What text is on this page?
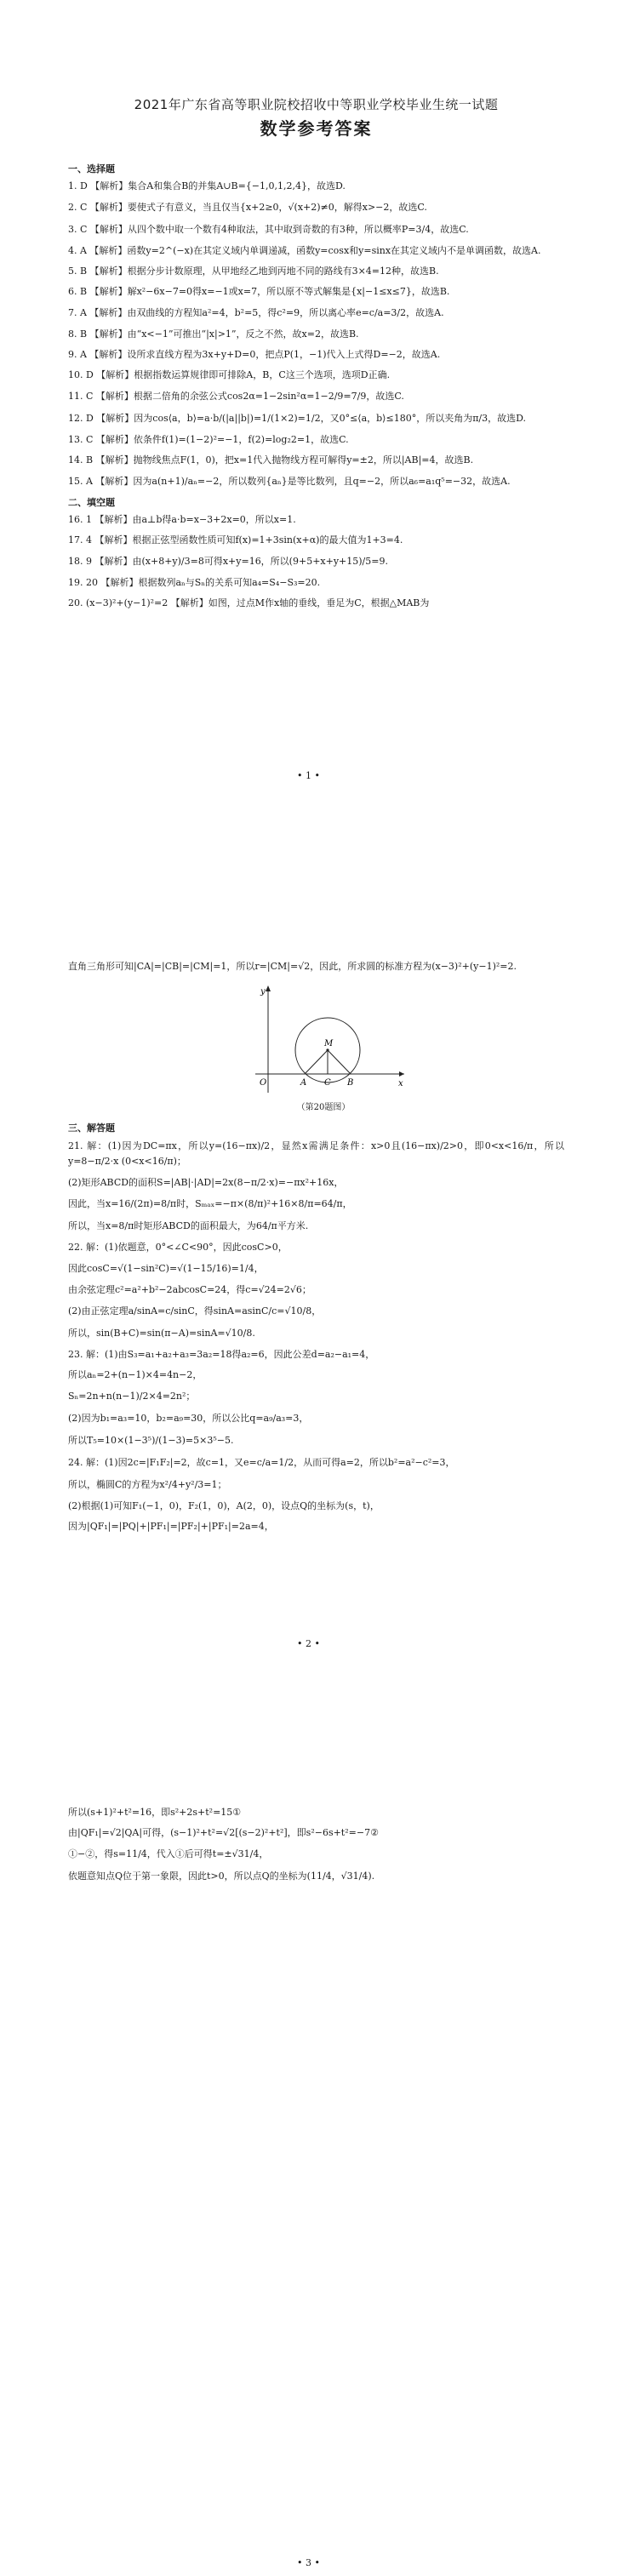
2021年广东省高等职业院校招收中等职业学校毕业生统一试题
数学参考答案
一、选择题

1. D 【解析】集合A和集合B的并集A∪B={−1,0,1,2,4}，故选D.

2. C 【解析】要使式子有意义，当且仅当{x+2≥0，√(x+2)≠0，解得x>−2，故选C.

3. C 【解析】从四个数中取一个数有4种取法，其中取到奇数的有3种，所以概率P=3/4，故选C.

4. A 【解析】函数y=2^(−x)在其定义域内单调递减，函数y=cosx和y=sinx在其定义域内不是单调函数，故选A.

5. B 【解析】根据分步计数原理，从甲地经乙地到丙地不同的路线有3×4=12种，故选B.

6. B 【解析】解x²−6x−7=0得x=−1或x=7，所以原不等式解集是{x|−1≤x≤7}，故选B.

7. A 【解析】由双曲线的方程知a²=4，b²=5，得c²=9，所以离心率e=c/a=3/2，故选A.

8. B 【解析】由“x<−1”可推出“|x|>1”，反之不然，故x=2，故选B.

9. A 【解析】设所求直线方程为3x+y+D=0，把点P(1，−1)代入上式得D=−2，故选A.

10. D 【解析】根据指数运算规律即可排除A，B，C这三个选项，选项D正确.

11. C 【解析】根据二倍角的余弦公式cos2α=1−2sin²α=1−2/9=7/9，故选C.

12. D 【解析】因为cos⟨a，b⟩=a·b/(|a||b|)=1/(1×2)=1/2，又0°≤⟨a，b⟩≤180°，所以夹角为π/3，故选D.

13. C 【解析】依条件f(1)=(1−2)²=−1，f(2)=log₂2=1，故选C.

14. B 【解析】抛物线焦点F(1，0)，把x=1代入抛物线方程可解得y=±2，所以|AB|=4，故选B.

15. A 【解析】因为a(n+1)/aₙ=−2，所以数列{aₙ}是等比数列，且q=−2，所以a₆=a₁q⁵=−32，故选A.

二、填空题

16. 1 【解析】由a⊥b得a·b=x−3+2x=0，所以x=1.

17. 4 【解析】根据正弦型函数性质可知f(x)=1+3sin(x+α)的最大值为1+3=4.

18. 9 【解析】由(x+8+y)/3=8可得x+y=16，所以(9+5+x+y+15)/5=9.

19. 20 【解析】根据数列aₙ与Sₙ的关系可知a₄=S₄−S₃=20.

20. (x−3)²+(y−1)²=2 【解析】如图，过点M作x轴的垂线，垂足为C，根据△MAB为

• 1 •

直角三角形可知|CA|=|CB|=|CM|=1，所以r=|CM|=√2，因此，所求圆的标准方程为(x−3)²+(y−1)²=2.

y
x
O	A	B
C
M
（第20题图）
三、解答题

21. 解：(1)因为DC=πx，所以y=(16−πx)/2，显然x需满足条件：x>0且(16−πx)/2>0，即0<x<16/π，所以y=8−π/2·x (0<x<16/π)；

(2)矩形ABCD的面积S=|AB|·|AD|=2x(8−π/2·x)=−πx²+16x，

因此，当x=16/(2π)=8/π时，Sₘₐₓ=−π×(8/π)²+16×8/π=64/π，

所以，当x=8/π时矩形ABCD的面积最大，为64/π平方米.

22. 解：(1)依题意，0°<∠C<90°，因此cosC>0，

因此cosC=√(1−sin²C)=√(1−15/16)=1/4，

由余弦定理c²=a²+b²−2abcosC=24，得c=√24=2√6；

(2)由正弦定理a/sinA=c/sinC，得sinA=asinC/c=√10/8，

所以，sin(B+C)=sin(π−A)=sinA=√10/8.

23. 解：(1)由S₃=a₁+a₂+a₃=3a₂=18得a₂=6，因此公差d=a₂−a₁=4，

所以aₙ=2+(n−1)×4=4n−2，

Sₙ=2n+n(n−1)/2×4=2n²；

(2)因为b₁=a₃=10，b₂=a₉=30，所以公比q=a₉/a₃=3，

所以T₅=10×(1−3⁵)/(1−3)=5×3⁵−5.

24. 解：(1)因2c=|F₁F₂|=2，故c=1，又e=c/a=1/2，从而可得a=2，所以b²=a²−c²=3，

所以，椭圆C的方程为x²/4+y²/3=1；

(2)根据(1)可知F₁(−1，0)，F₂(1，0)，A(2，0)，设点Q的坐标为(s，t)，

因为|QF₁|=|PQ|+|PF₁|=|PF₂|+|PF₁|=2a=4，

• 2 •

所以(s+1)²+t²=16，即s²+2s+t²=15①

由|QF₁|=√2|QA|可得，(s−1)²+t²=√2[(s−2)²+t²]，即s²−6s+t²=−7②

①−②，得s=11/4，代入①后可得t=±√31/4，

依题意知点Q位于第一象限，因此t>0，所以点Q的坐标为(11/4，√31/4).

• 3 •
